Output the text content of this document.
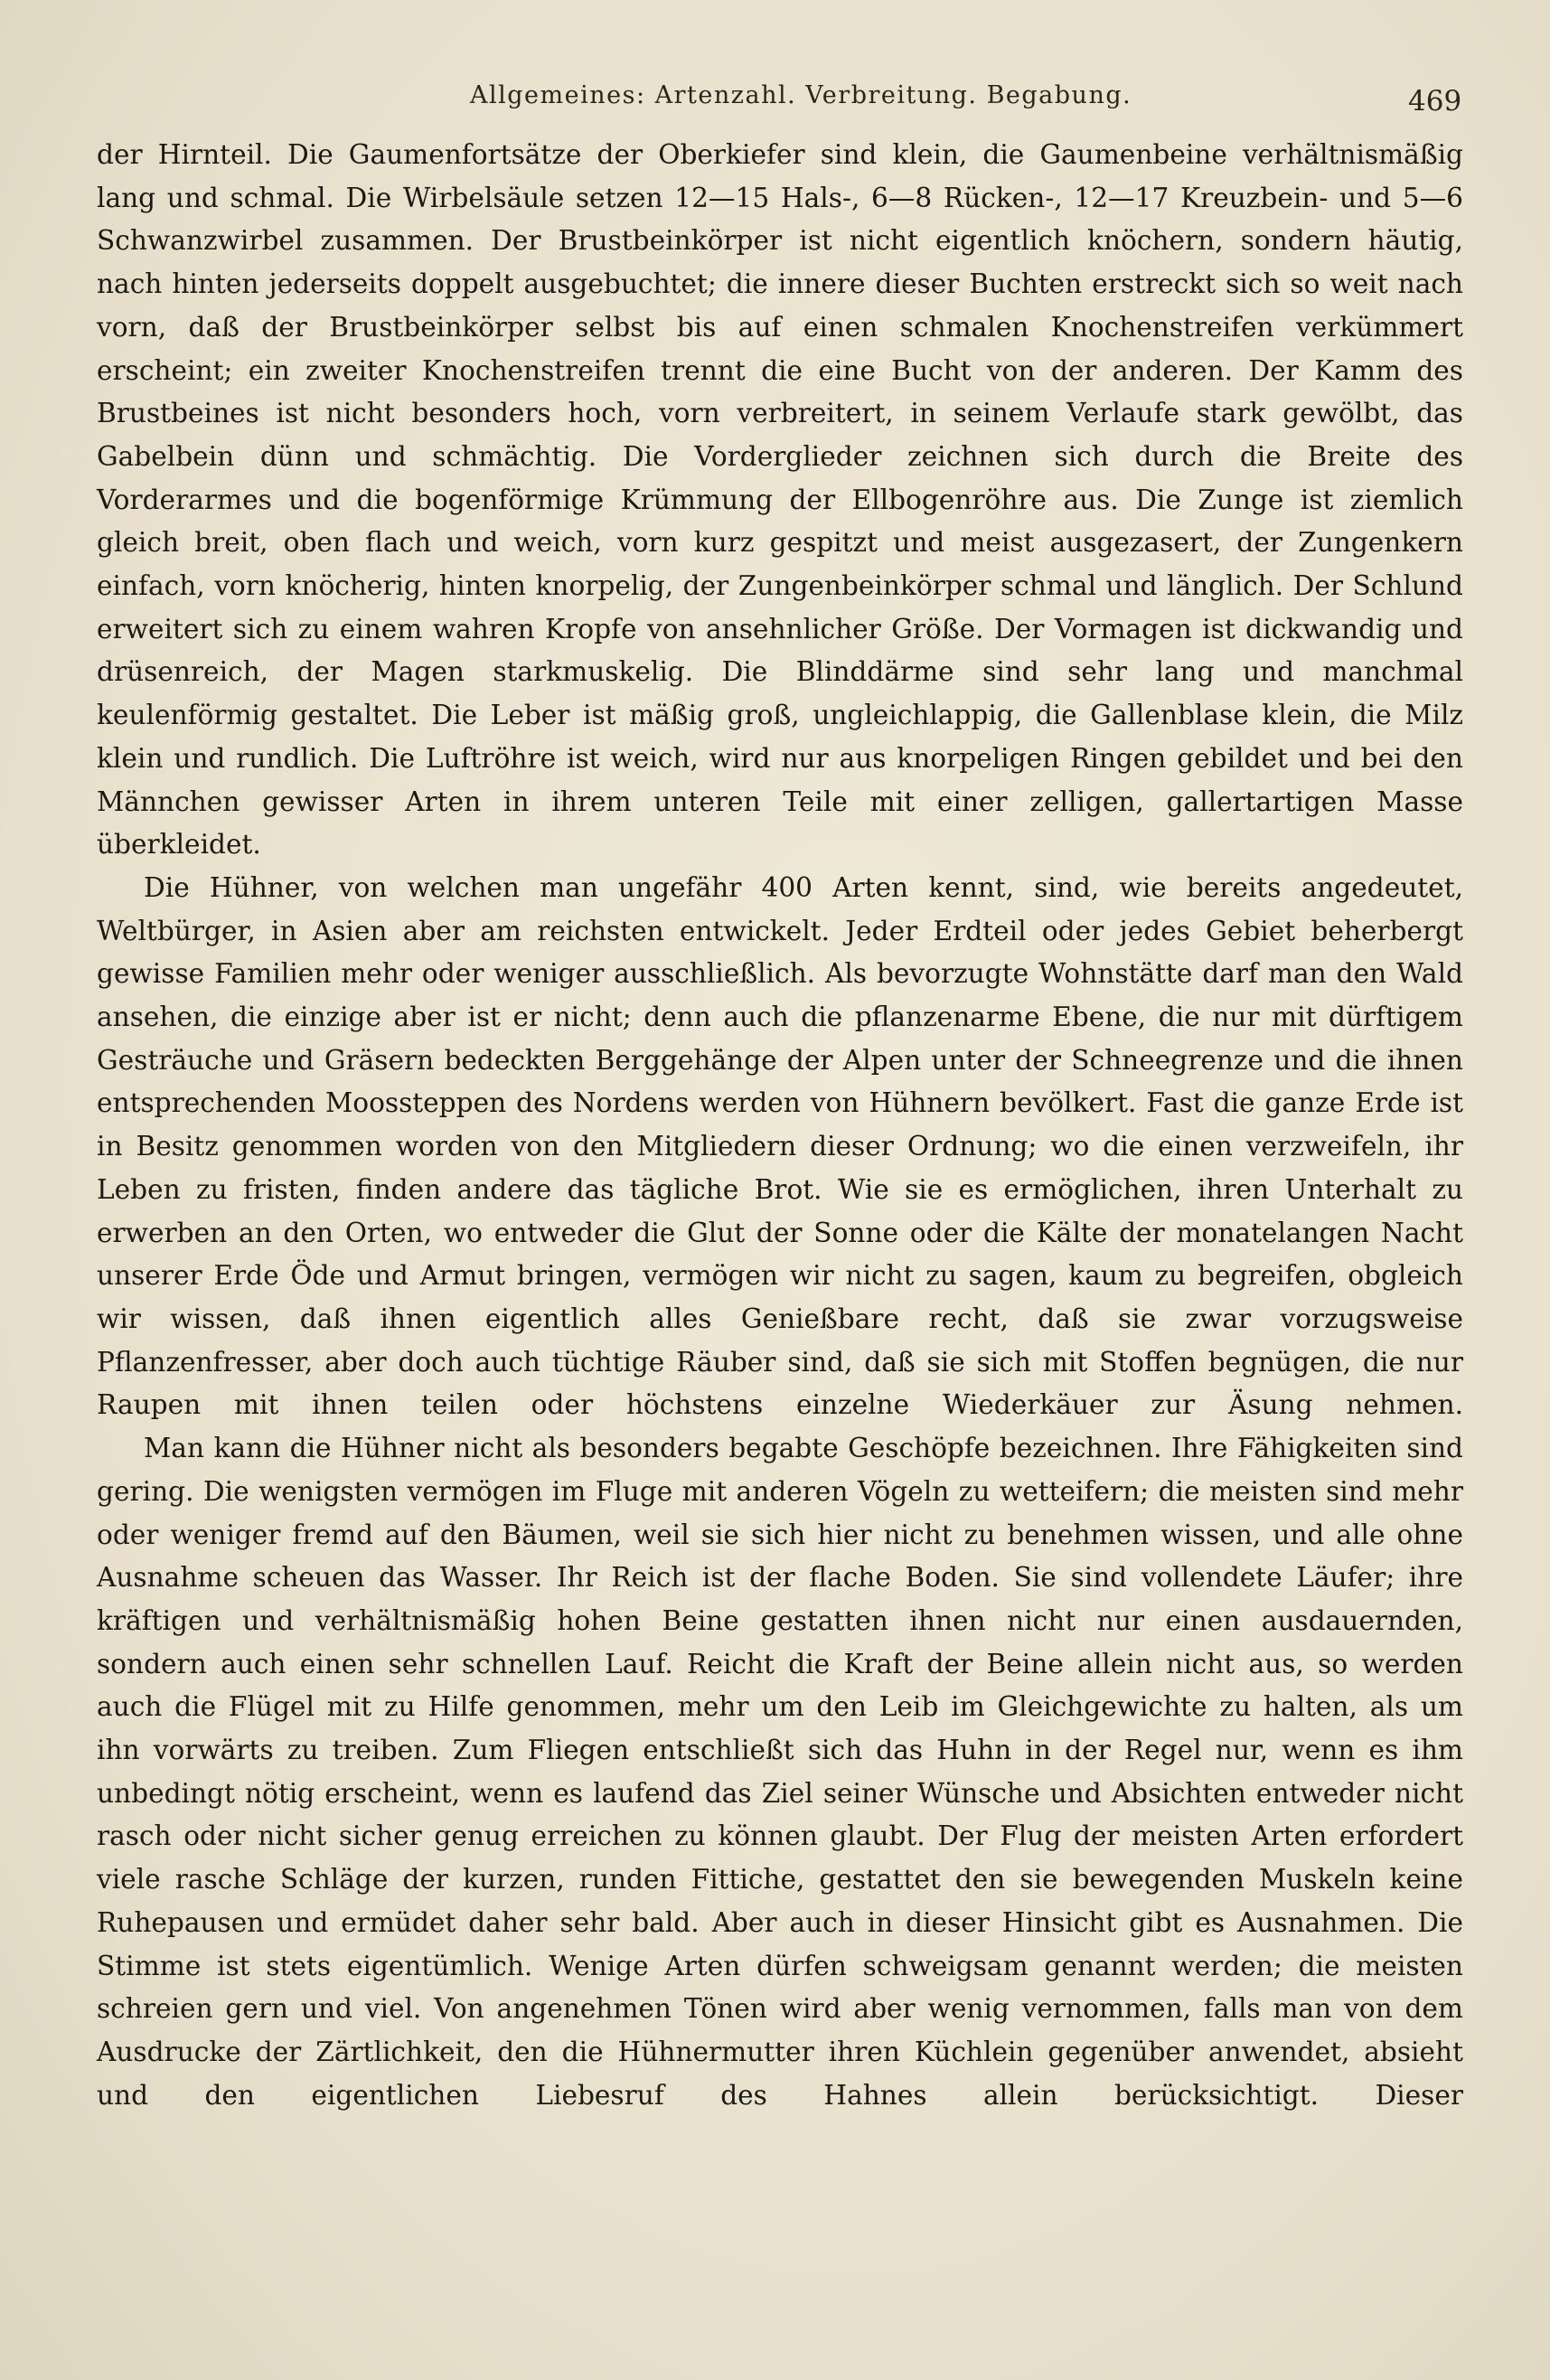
Allgemeines: Artenzahl. Verbreitung. Begabung.	469

der Hirnteil. Die Gaumenfortsätze der Oberkiefer sind klein, die Gaumenbeine verhältnismäßig lang und schmal. Die Wirbelsäule setzen 12—15 Hals-, 6—8 Rücken-, 12—17 Kreuzbein- und 5—6 Schwanzwirbel zusammen. Der Brustbeinkörper ist nicht eigentlich knöchern, sondern häutig, nach hinten jederseits doppelt ausgebuchtet; die innere dieser Buchten erstreckt sich so weit nach vorn, daß der Brustbeinkörper selbst bis auf einen schmalen Knochenstreifen verkümmert erscheint; ein zweiter Knochenstreifen trennt die eine Bucht von der anderen. Der Kamm des Brustbeines ist nicht besonders hoch, vorn verbreitert, in seinem Verlaufe stark gewölbt, das Gabelbein dünn und schmächtig. Die Vorderglieder zeichnen sich durch die Breite des Vorderarmes und die bogenförmige Krümmung der Ellbogenröhre aus. Die Zunge ist ziemlich gleich breit, oben flach und weich, vorn kurz gespitzt und meist ausgezasert, der Zungenkern einfach, vorn knöcherig, hinten knorpelig, der Zungenbeinkörper schmal und länglich. Der Schlund erweitert sich zu einem wahren Kropfe von ansehnlicher Größe. Der Vormagen ist dickwandig und drüsenreich, der Magen starkmuskelig. Die Blinddärme sind sehr lang und manchmal keulenförmig gestaltet. Die Leber ist mäßig groß, ungleichlappig, die Gallenblase klein, die Milz klein und rundlich. Die Luftröhre ist weich, wird nur aus knorpeligen Ringen gebildet und bei den Männchen gewisser Arten in ihrem unteren Teile mit einer zelligen, gallertartigen Masse überkleidet.

Die Hühner, von welchen man ungefähr 400 Arten kennt, sind, wie bereits angedeutet, Weltbürger, in Asien aber am reichsten entwickelt. Jeder Erdteil oder jedes Gebiet beherbergt gewisse Familien mehr oder weniger ausschließlich. Als bevorzugte Wohnstätte darf man den Wald ansehen, die einzige aber ist er nicht; denn auch die pflanzenarme Ebene, die nur mit dürftigem Gesträuche und Gräsern bedeckten Berggehänge der Alpen unter der Schneegrenze und die ihnen entsprechenden Moossteppen des Nordens werden von Hühnern bevölkert. Fast die ganze Erde ist in Besitz genommen worden von den Mitgliedern dieser Ordnung; wo die einen verzweifeln, ihr Leben zu fristen, finden andere das tägliche Brot. Wie sie es ermöglichen, ihren Unterhalt zu erwerben an den Orten, wo entweder die Glut der Sonne oder die Kälte der monatelangen Nacht unserer Erde Öde und Armut bringen, vermögen wir nicht zu sagen, kaum zu begreifen, obgleich wir wissen, daß ihnen eigentlich alles Genießbare recht, daß sie zwar vorzugsweise Pflanzenfresser, aber doch auch tüchtige Räuber sind, daß sie sich mit Stoffen begnügen, die nur Raupen mit ihnen teilen oder höchstens einzelne Wiederkäuer zur Äsung nehmen.

Man kann die Hühner nicht als besonders begabte Geschöpfe bezeichnen. Ihre Fähigkeiten sind gering. Die wenigsten vermögen im Fluge mit anderen Vögeln zu wetteifern; die meisten sind mehr oder weniger fremd auf den Bäumen, weil sie sich hier nicht zu benehmen wissen, und alle ohne Ausnahme scheuen das Wasser. Ihr Reich ist der flache Boden. Sie sind vollendete Läufer; ihre kräftigen und verhältnismäßig hohen Beine gestatten ihnen nicht nur einen ausdauernden, sondern auch einen sehr schnellen Lauf. Reicht die Kraft der Beine allein nicht aus, so werden auch die Flügel mit zu Hilfe genommen, mehr um den Leib im Gleichgewichte zu halten, als um ihn vorwärts zu treiben. Zum Fliegen entschließt sich das Huhn in der Regel nur, wenn es ihm unbedingt nötig erscheint, wenn es laufend das Ziel seiner Wünsche und Absichten entweder nicht rasch oder nicht sicher genug erreichen zu können glaubt. Der Flug der meisten Arten erfordert viele rasche Schläge der kurzen, runden Fittiche, gestattet den sie bewegenden Muskeln keine Ruhepausen und ermüdet daher sehr bald. Aber auch in dieser Hinsicht gibt es Ausnahmen. Die Stimme ist stets eigentümlich. Wenige Arten dürfen schweigsam genannt werden; die meisten schreien gern und viel. Von angenehmen Tönen wird aber wenig vernommen, falls man von dem Ausdrucke der Zärtlichkeit, den die Hühnermutter ihren Küchlein gegenüber anwendet, absieht und den eigentlichen Liebesruf des Hahnes allein berücksichtigt. Dieser
